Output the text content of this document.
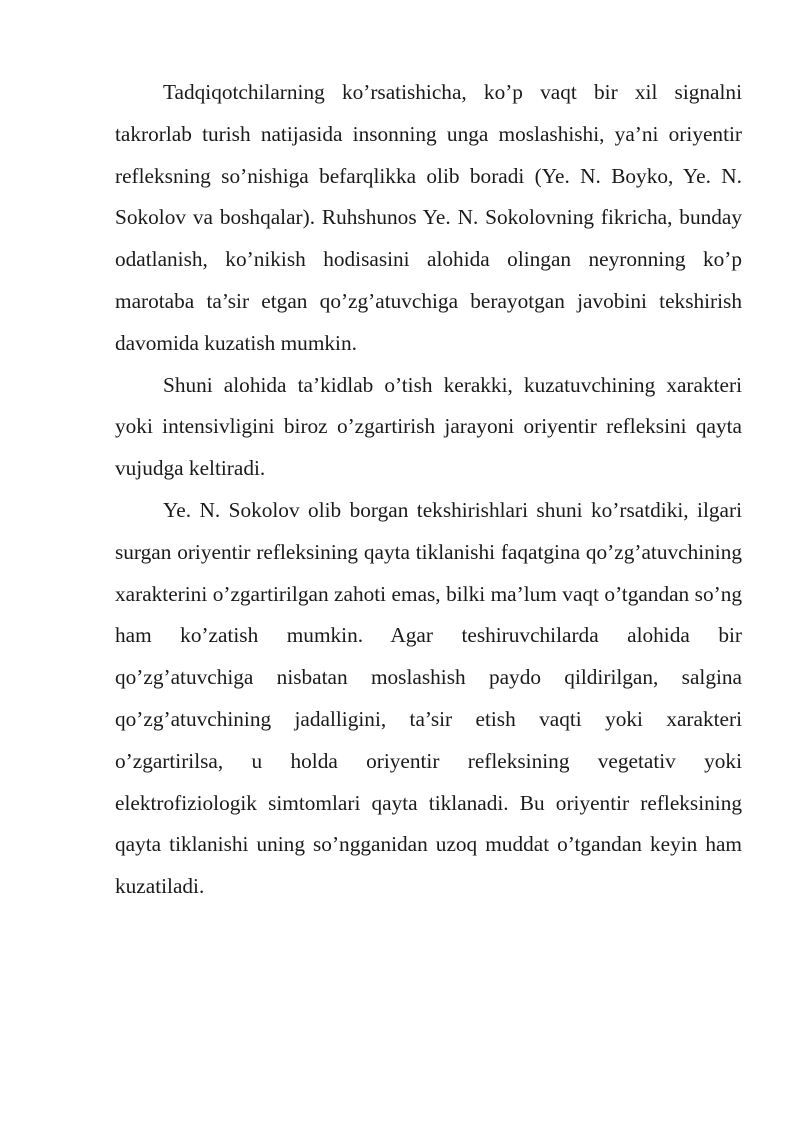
Tadqiqotchilarning ko’rsatishicha, ko’p vaqt bir xil signalni takrorlab turish natijasida insonning unga moslashishi, ya’ni oriyentir refleksning so’nishiga befarqlikka olib boradi (Ye. N. Boyko, Ye. N. Sokolov va boshqalar). Ruhshunos Ye. N. Sokolovning fikricha, bunday odatlanish, ko’nikish hodisasini alohida olingan neyronning ko’p marotaba ta’sir etgan qo’zg’atuvchiga berayotgan javobini tekshirish davomida kuzatish mumkin.

Shuni alohida ta’kidlab o’tish kerakki, kuzatuvchining xarakteri yoki intensivligini biroz o’zgartirish jarayoni oriyentir refleksini qayta vujudga keltiradi.

Ye. N. Sokolov olib borgan tekshirishlari shuni ko’rsatdiki, ilgari surgan oriyentir refleksining qayta tiklanishi faqatgina qo’zg’atuvchining xarakterini o’zgartirilgan zahoti emas, bilki ma’lum vaqt o’tgandan so’ng ham ko’zatish mumkin. Agar teshiruvchilarda alohida bir qo’zg’atuvchiga nisbatan moslashish paydo qildirilgan, salgina qo’zg’atuvchining jadalligini, ta’sir etish vaqti yoki xarakteri o’zgartirilsa, u holda oriyentir refleksining vegetativ yoki elektrofiziologik simtomlari qayta tiklanadi. Bu oriyentir refleksining qayta tiklanishi uning so’ngganidan uzoq muddat o’tgandan keyin ham kuzatiladi.
